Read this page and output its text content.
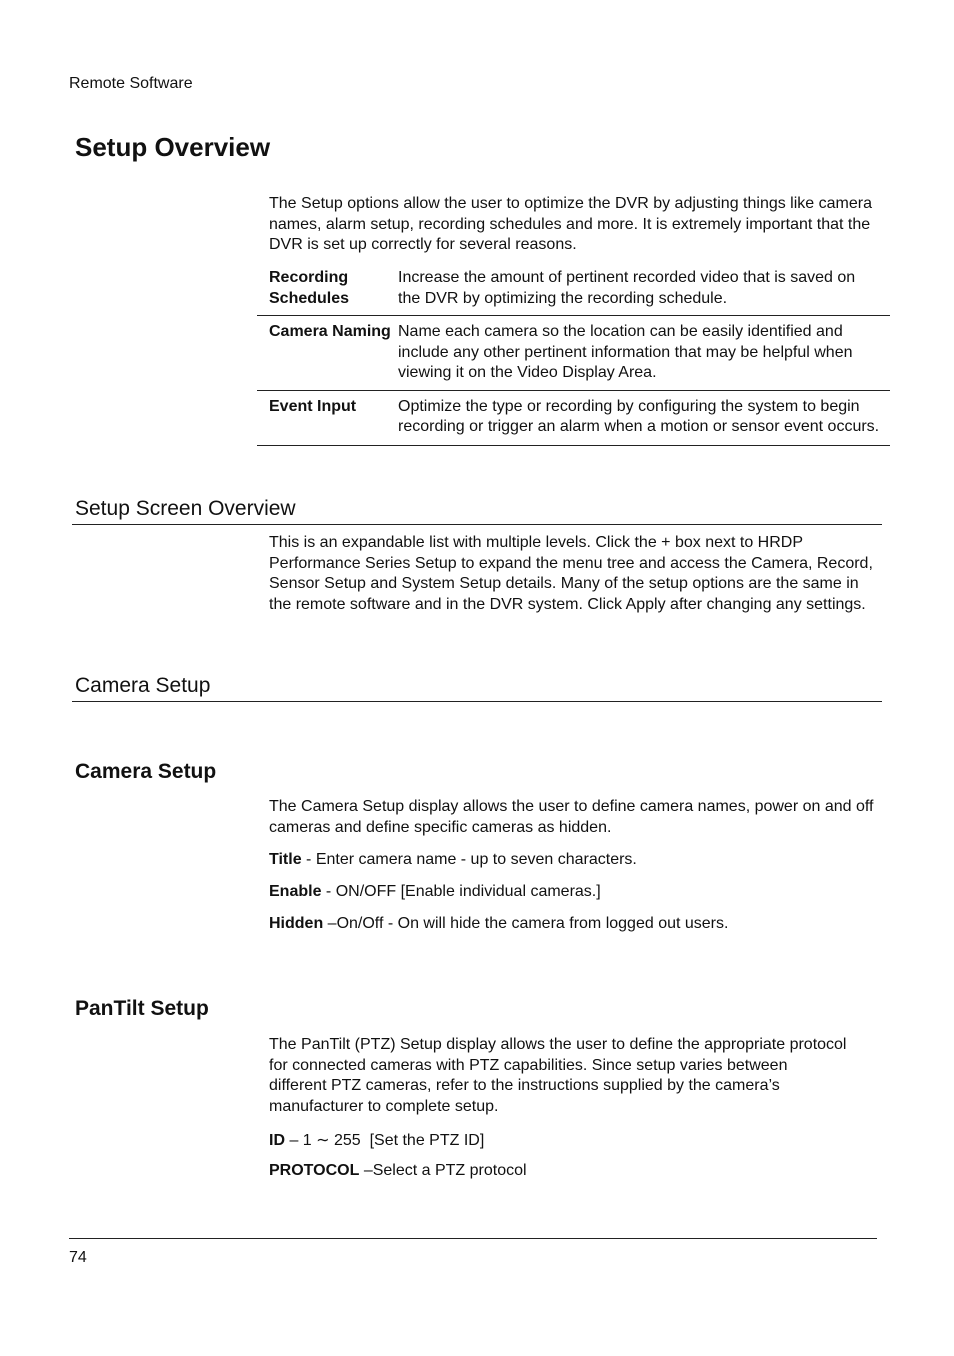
Remote Software
Setup Overview

The Setup options allow the user to optimize the DVR by adjusting things like camera names, alarm setup, recording schedules and more. It is extremely important that the DVR is set up correctly for several reasons.

Recording Schedules	Increase the amount of pertinent recorded video that is saved on the DVR by optimizing the recording schedule.
Camera Naming	Name each camera so the location can be easily identified and include any other pertinent information that may be helpful when viewing it on the Video Display Area.
Event Input	Optimize the type or recording by configuring the system to begin recording or trigger an alarm when a motion or sensor event occurs.
Setup Screen Overview

This is an expandable list with multiple levels. Click the + box next to HRDP Performance Series Setup to expand the menu tree and access the Camera, Record, Sensor Setup and System Setup details. Many of the setup options are the same in the remote software and in the DVR system. Click Apply after changing any settings.

Camera Setup
Camera Setup

The Camera Setup display allows the user to define camera names, power on and off cameras and define specific cameras as hidden.

Title - Enter camera name - up to seven characters.
Enable - ON/OFF [Enable individual cameras.]
Hidden –On/Off - On will hide the camera from logged out users.
PanTilt Setup

The PanTilt (PTZ) Setup display allows the user to define the appropriate protocol for connected cameras with PTZ capabilities. Since setup varies between different PTZ cameras, refer to the instructions supplied by the camera’s manufacturer to complete setup.

ID – 1 ∼ 255  [Set the PTZ ID]
PROTOCOL –Select a PTZ protocol
74
